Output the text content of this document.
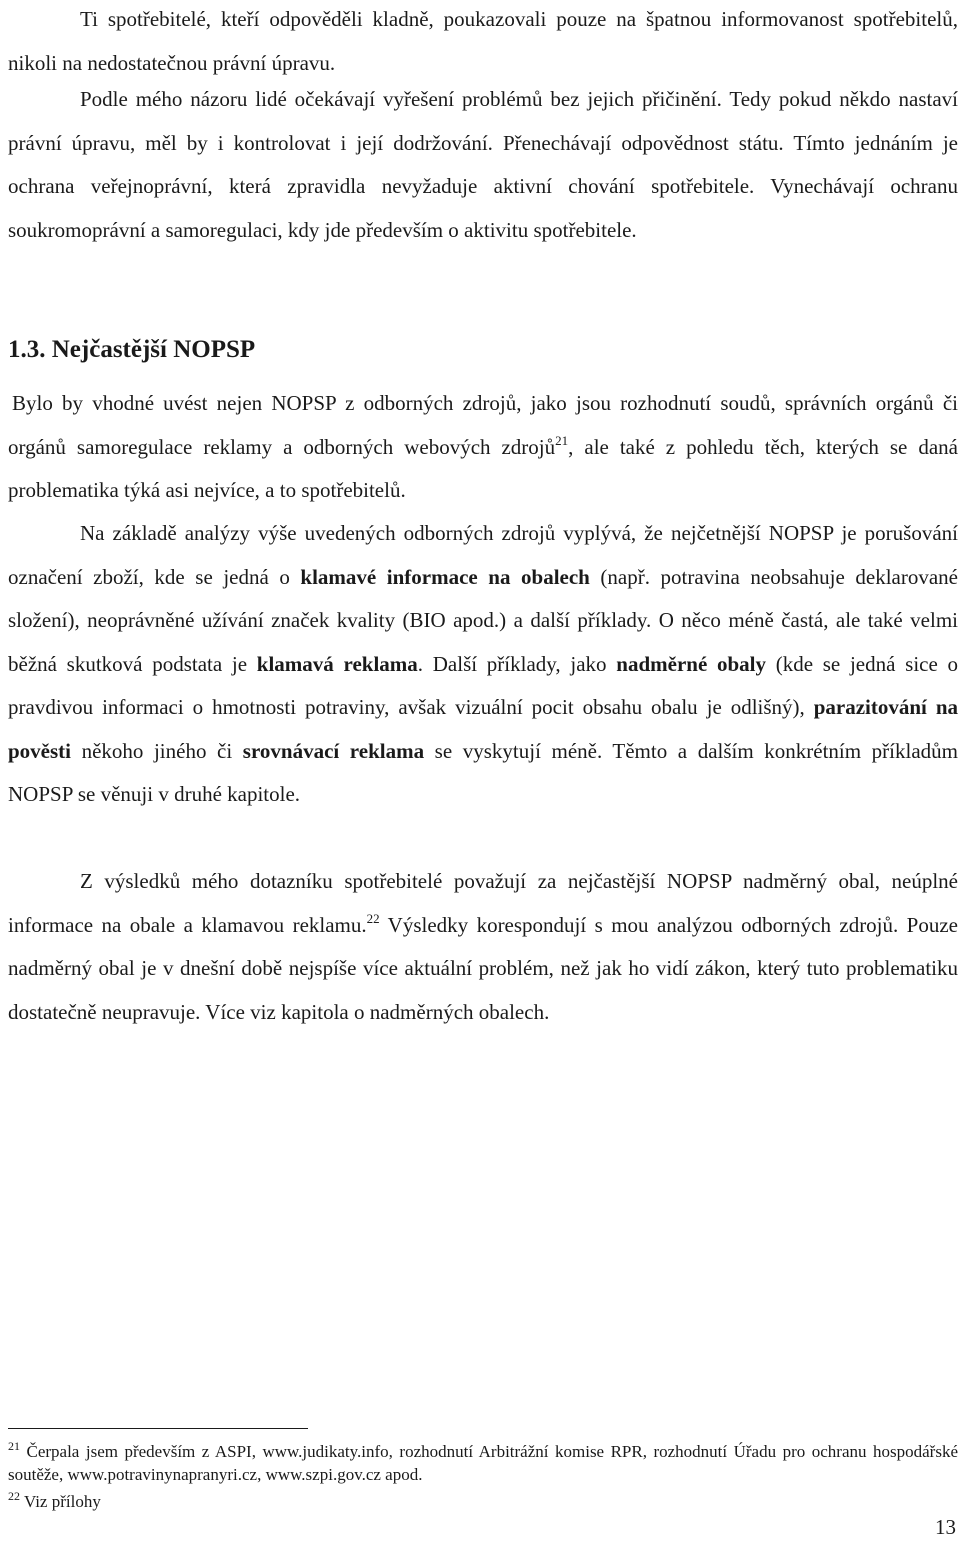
Ti spotřebitelé, kteří odpověděli kladně, poukazovali pouze na špatnou informovanost spotřebitelů, nikoli na nedostatečnou právní úpravu.

Podle mého názoru lidé očekávají vyřešení problémů bez jejich přičinění. Tedy pokud někdo nastaví právní úpravu, měl by i kontrolovat i její dodržování. Přenechávají odpovědnost státu. Tímto jednáním je ochrana veřejnoprávní, která zpravidla nevyžaduje aktivní chování spotřebitele. Vynechávají ochranu soukromoprávní a samoregulaci, kdy jde především o aktivitu spotřebitele.

1.3. Nejčastější NOPSP

Bylo by vhodné uvést nejen NOPSP z odborných zdrojů, jako jsou rozhodnutí soudů, správních orgánů či orgánů samoregulace reklamy a odborných webových zdrojů$^{21}$, ale také z pohledu těch, kterých se daná problematika týká asi nejvíce, a to spotřebitelů.

Na základě analýzy výše uvedených odborných zdrojů vyplývá, že nejčetnější NOPSP je porušování označení zboží, kde se jedná o klamavé informace na obalech (např. potravina neobsahuje deklarované složení), neoprávněné užívání značek kvality (BIO apod.) a další příklady. O něco méně častá, ale také velmi běžná skutková podstata je klamavá reklama. Další příklady, jako nadměrné obaly (kde se jedná sice o pravdivou informaci o hmotnosti potraviny, avšak vizuální pocit obsahu obalu je odlišný), parazitování na pověsti někoho jiného či srovnávací reklama se vyskytují méně. Těmto a dalším konkrétním příkladům NOPSP se věnuji v druhé kapitole.

Z výsledků mého dotazníku spotřebitelé považují za nejčastější NOPSP nadměrný obal, neúplné informace na obale a klamavou reklamu.$^{22}$ Výsledky korespondují s mou analýzou odborných zdrojů. Pouze nadměrný obal je v dnešní době nejspíše více aktuální problém, než jak ho vidí zákon, který tuto problematiku dostatečně neupravuje. Více viz kapitola o nadměrných obalech.

$^{21}$ Čerpala jsem především z ASPI, www.judikaty.info, rozhodnutí Arbitrážní komise RPR, rozhodnutí Úřadu pro ochranu hospodářské soutěže, www.potravinynapranyri.cz, www.szpi.gov.cz apod.

$^{22}$ Viz přílohy

13
